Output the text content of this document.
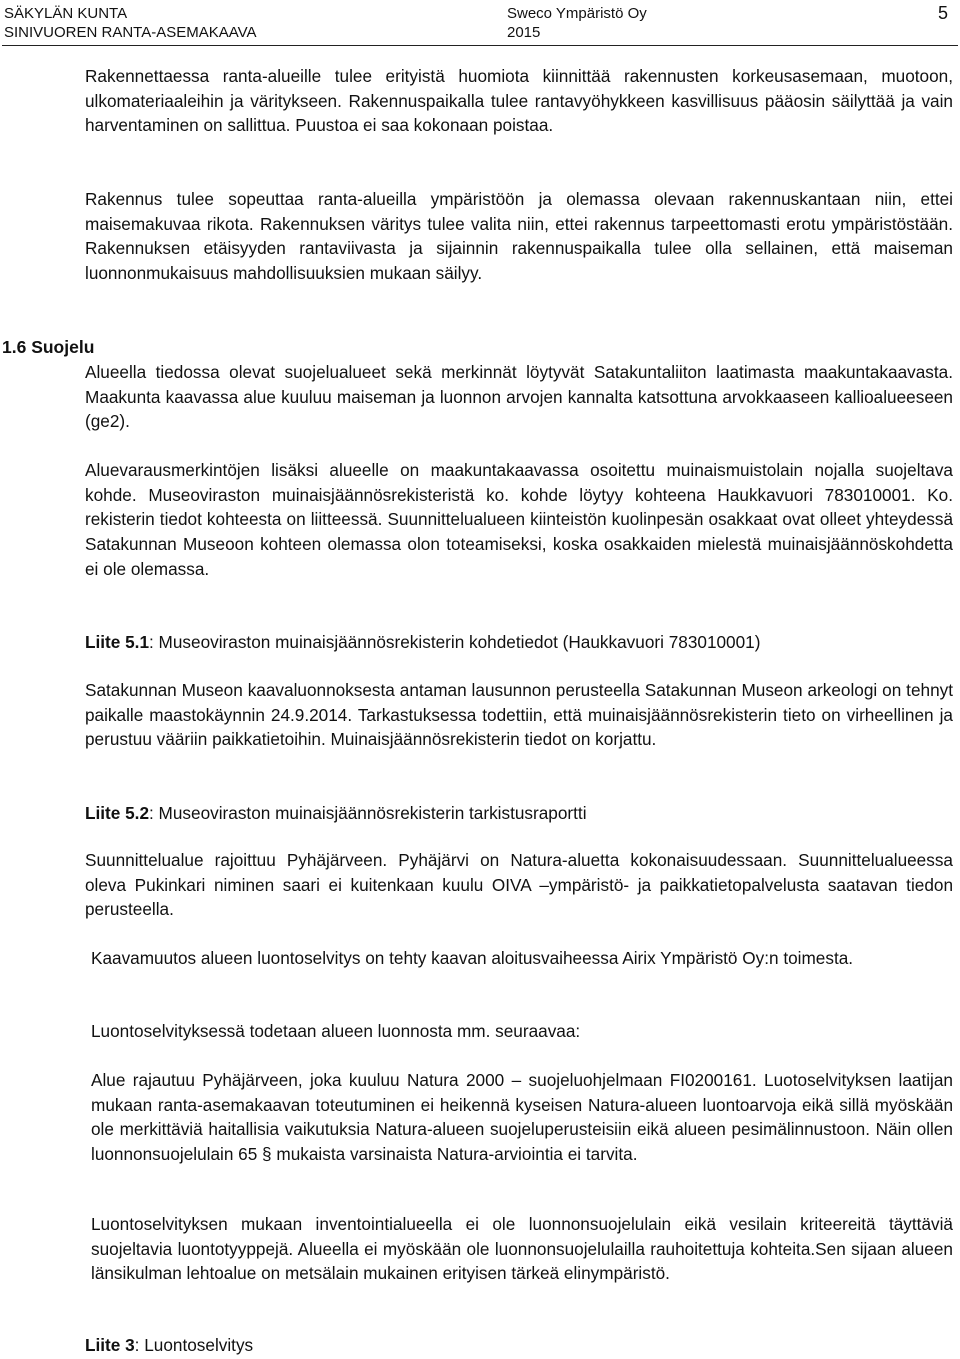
SÄKYLÄN KUNTA
SINIVUOREN RANTA-ASEMAKAAVA
Sweco Ympäristö Oy
2015
5
Rakennettaessa ranta-alueille tulee erityistä huomiota kiinnittää rakennusten korkeusasemaan, muotoon, ulkomateriaaleihin ja väritykseen. Rakennuspaikalla tulee rantavyöhykkeen kasvillisuus pääosin säilyttää ja vain harventaminen on sallittua. Puustoa ei saa kokonaan poistaa.
Rakennus tulee sopeuttaa ranta-alueilla ympäristöön ja olemassa olevaan rakennuskantaan niin, ettei maisemakuvaa rikota. Rakennuksen väritys tulee valita niin, ettei rakennus tarpeettomasti erotu ympäristöstään. Rakennuksen etäisyyden rantaviivasta ja sijainnin rakennuspaikalla tulee olla sellainen, että maiseman luonnonmukaisuus mahdollisuuksien mukaan säilyy.
1.6 Suojelu
Alueella tiedossa olevat suojelualueet sekä merkinnät löytyvät Satakuntaliiton laatimasta maakuntakaavasta. Maakunta kaavassa alue kuuluu maiseman ja luonnon arvojen kannalta katsottuna arvokkaaseen kallioalueeseen (ge2).
Aluevarausmerkintöjen lisäksi alueelle on maakuntakaavassa osoitettu muinaismuistolain nojalla suojeltava kohde. Museoviraston muinaisjäännösrekisteristä ko. kohde löytyy kohteena Haukkavuori 783010001. Ko. rekisterin tiedot kohteesta on liitteessä. Suunnittelualueen kiinteistön kuolinpesän osakkaat ovat olleet yhteydessä Satakunnan Museoon kohteen olemassa olon toteamiseksi, koska osakkaiden mielestä muinaisjäännöskohdetta ei ole olemassa.
Liite 5.1: Museoviraston muinaisjäännösrekisterin kohdetiedot (Haukkavuori 783010001)
Satakunnan Museon kaavaluonnoksesta antaman lausunnon perusteella Satakunnan Museon arkeologi on tehnyt paikalle maastokäynnin 24.9.2014. Tarkastuksessa todettiin, että muinaisjäännösrekisterin tieto on virheellinen ja perustuu vääriin paikkatietoihin. Muinaisjäännösrekisterin tiedot on korjattu.
Liite 5.2: Museoviraston muinaisjäännösrekisterin tarkistusraportti
Suunnittelualue rajoittuu Pyhäjärveen. Pyhäjärvi on Natura-aluetta kokonaisuudessaan. Suunnittelualueessa oleva Pukinkari niminen saari ei kuitenkaan kuulu OIVA –ympäristö- ja paikkatietopalvelusta saatavan tiedon perusteella.
Kaavamuutos alueen luontoselvitys on tehty kaavan aloitusvaiheessa Airix Ympäristö Oy:n toimesta.
Luontoselvityksessä todetaan alueen luonnosta mm. seuraavaa:
Alue rajautuu Pyhäjärveen, joka kuuluu Natura 2000 – suojeluohjelmaan FI0200161. Luotoselvityksen laatijan mukaan ranta-asemakaavan toteutuminen ei heikennä kyseisen Natura-alueen luontoarvoja eikä sillä myöskään ole merkittäviä haitallisia vaikutuksia Natura-alueen suojeluperusteisiin eikä alueen pesimälinnustoon. Näin ollen luonnonsuojelulain 65 § mukaista varsinaista Natura-arviointia ei tarvita.
Luontoselvityksen mukaan inventointialueella ei ole luonnonsuojelulain eikä vesilain kriteereitä täyttäviä suojeltavia luontotyyppejä. Alueella ei myöskään ole luonnonsuojelulailla rauhoitettuja kohteita.Sen sijaan alueen länsikulman lehtoalue on metsälain mukainen erityisen tärkeä elinympäristö.
Liite 3: Luontoselvitys
